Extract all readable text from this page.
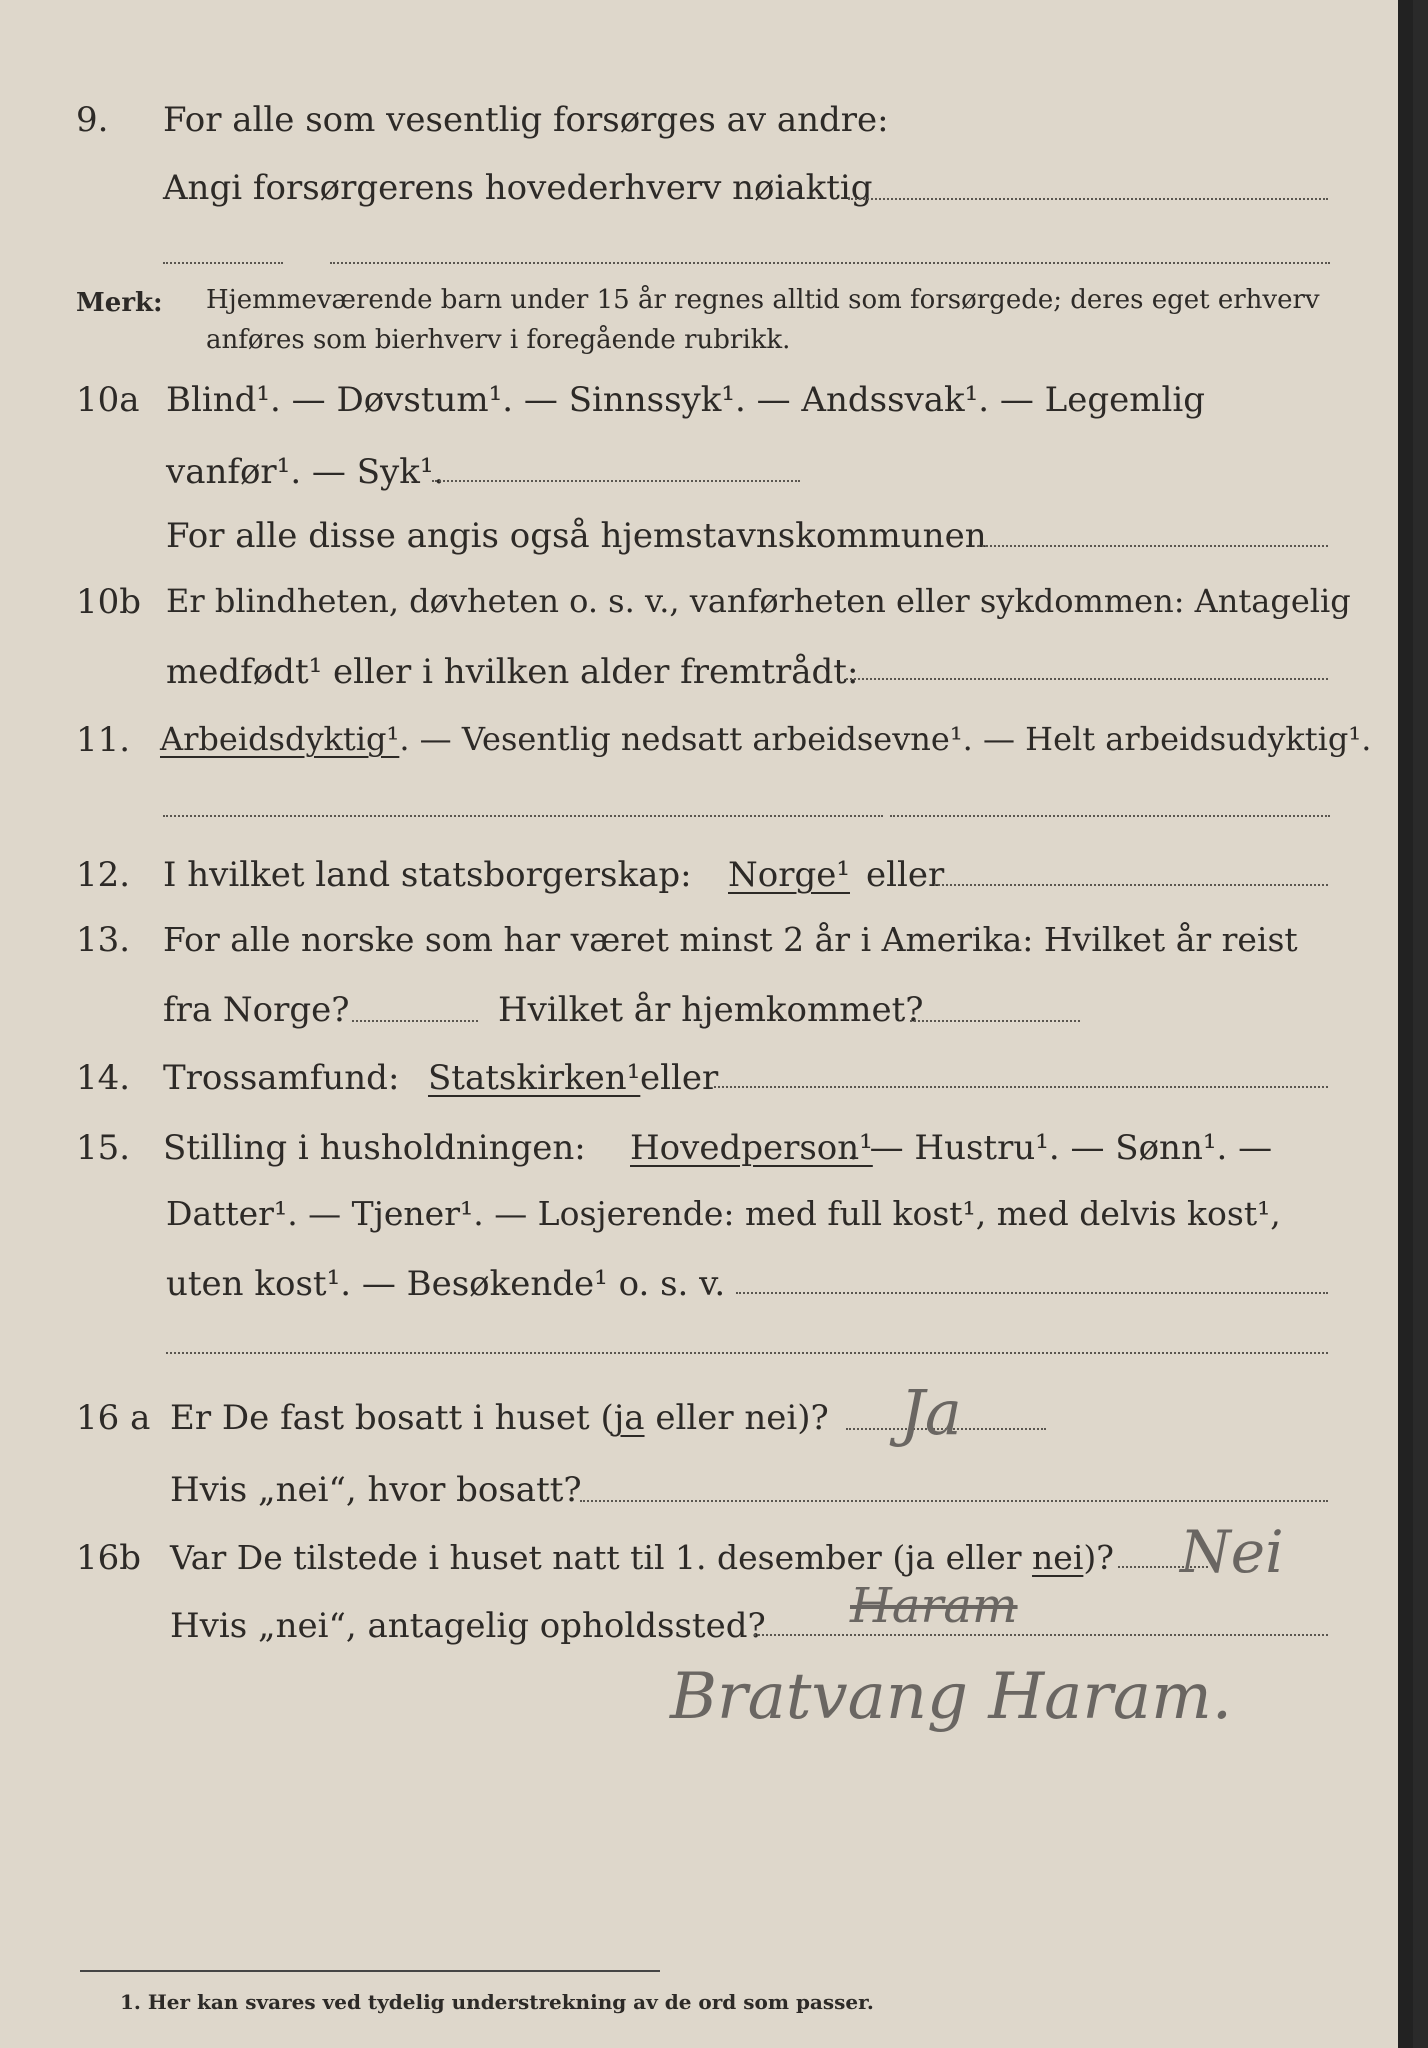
9. For alle som vesentlig forsørges av andre:
Angi forsørgerens hovederhverv nøiaktig
Merk: Hjemmeværende barn under 15 år regnes alltid som forsørgede; deres eget erhverv
anføres som bierhverv i foregående rubrikk.
10a Blind¹. — Døvstum¹. — Sinnssyk¹. — Andssvak¹. — Legemlig
vanfør¹. — Syk¹.
For alle disse angis også hjemstavnskommunen
10b Er blindheten, døvheten o. s. v., vanførheten eller sykdommen: Antagelig
medfødt¹ eller i hvilken alder fremtrådt:
11. Arbeidsdyktig¹. — Vesentlig nedsatt arbeidsevne¹. — Helt arbeidsudyktig¹.
12. I hvilket land statsborgerskap: Norge¹ eller
13. For alle norske som har været minst 2 år i Amerika: Hvilket år reist
fra Norge?	Hvilket år hjemkommet?
14. Trossamfund: Statskirken¹ eller
15. Stilling i husholdningen: Hovedperson¹
. — Hustru¹. — Sønn¹. —
Datter¹. — Tjener¹. — Losjerende: med full kost¹, med delvis kost¹,
uten kost¹. — Besøkende¹ o. s. v.
16 a Er De fast bosatt i huset (ja eller nei)? Ja
Hvis „nei“, hvor bosatt?
16b Var De tilstede i huset natt til 1. desember (ja eller nei)? Nei
Hvis „nei“, antagelig opholdssted? Haram
Bratvang Haram.
1. Her kan svares ved tydelig understrekning av de ord som passer.
